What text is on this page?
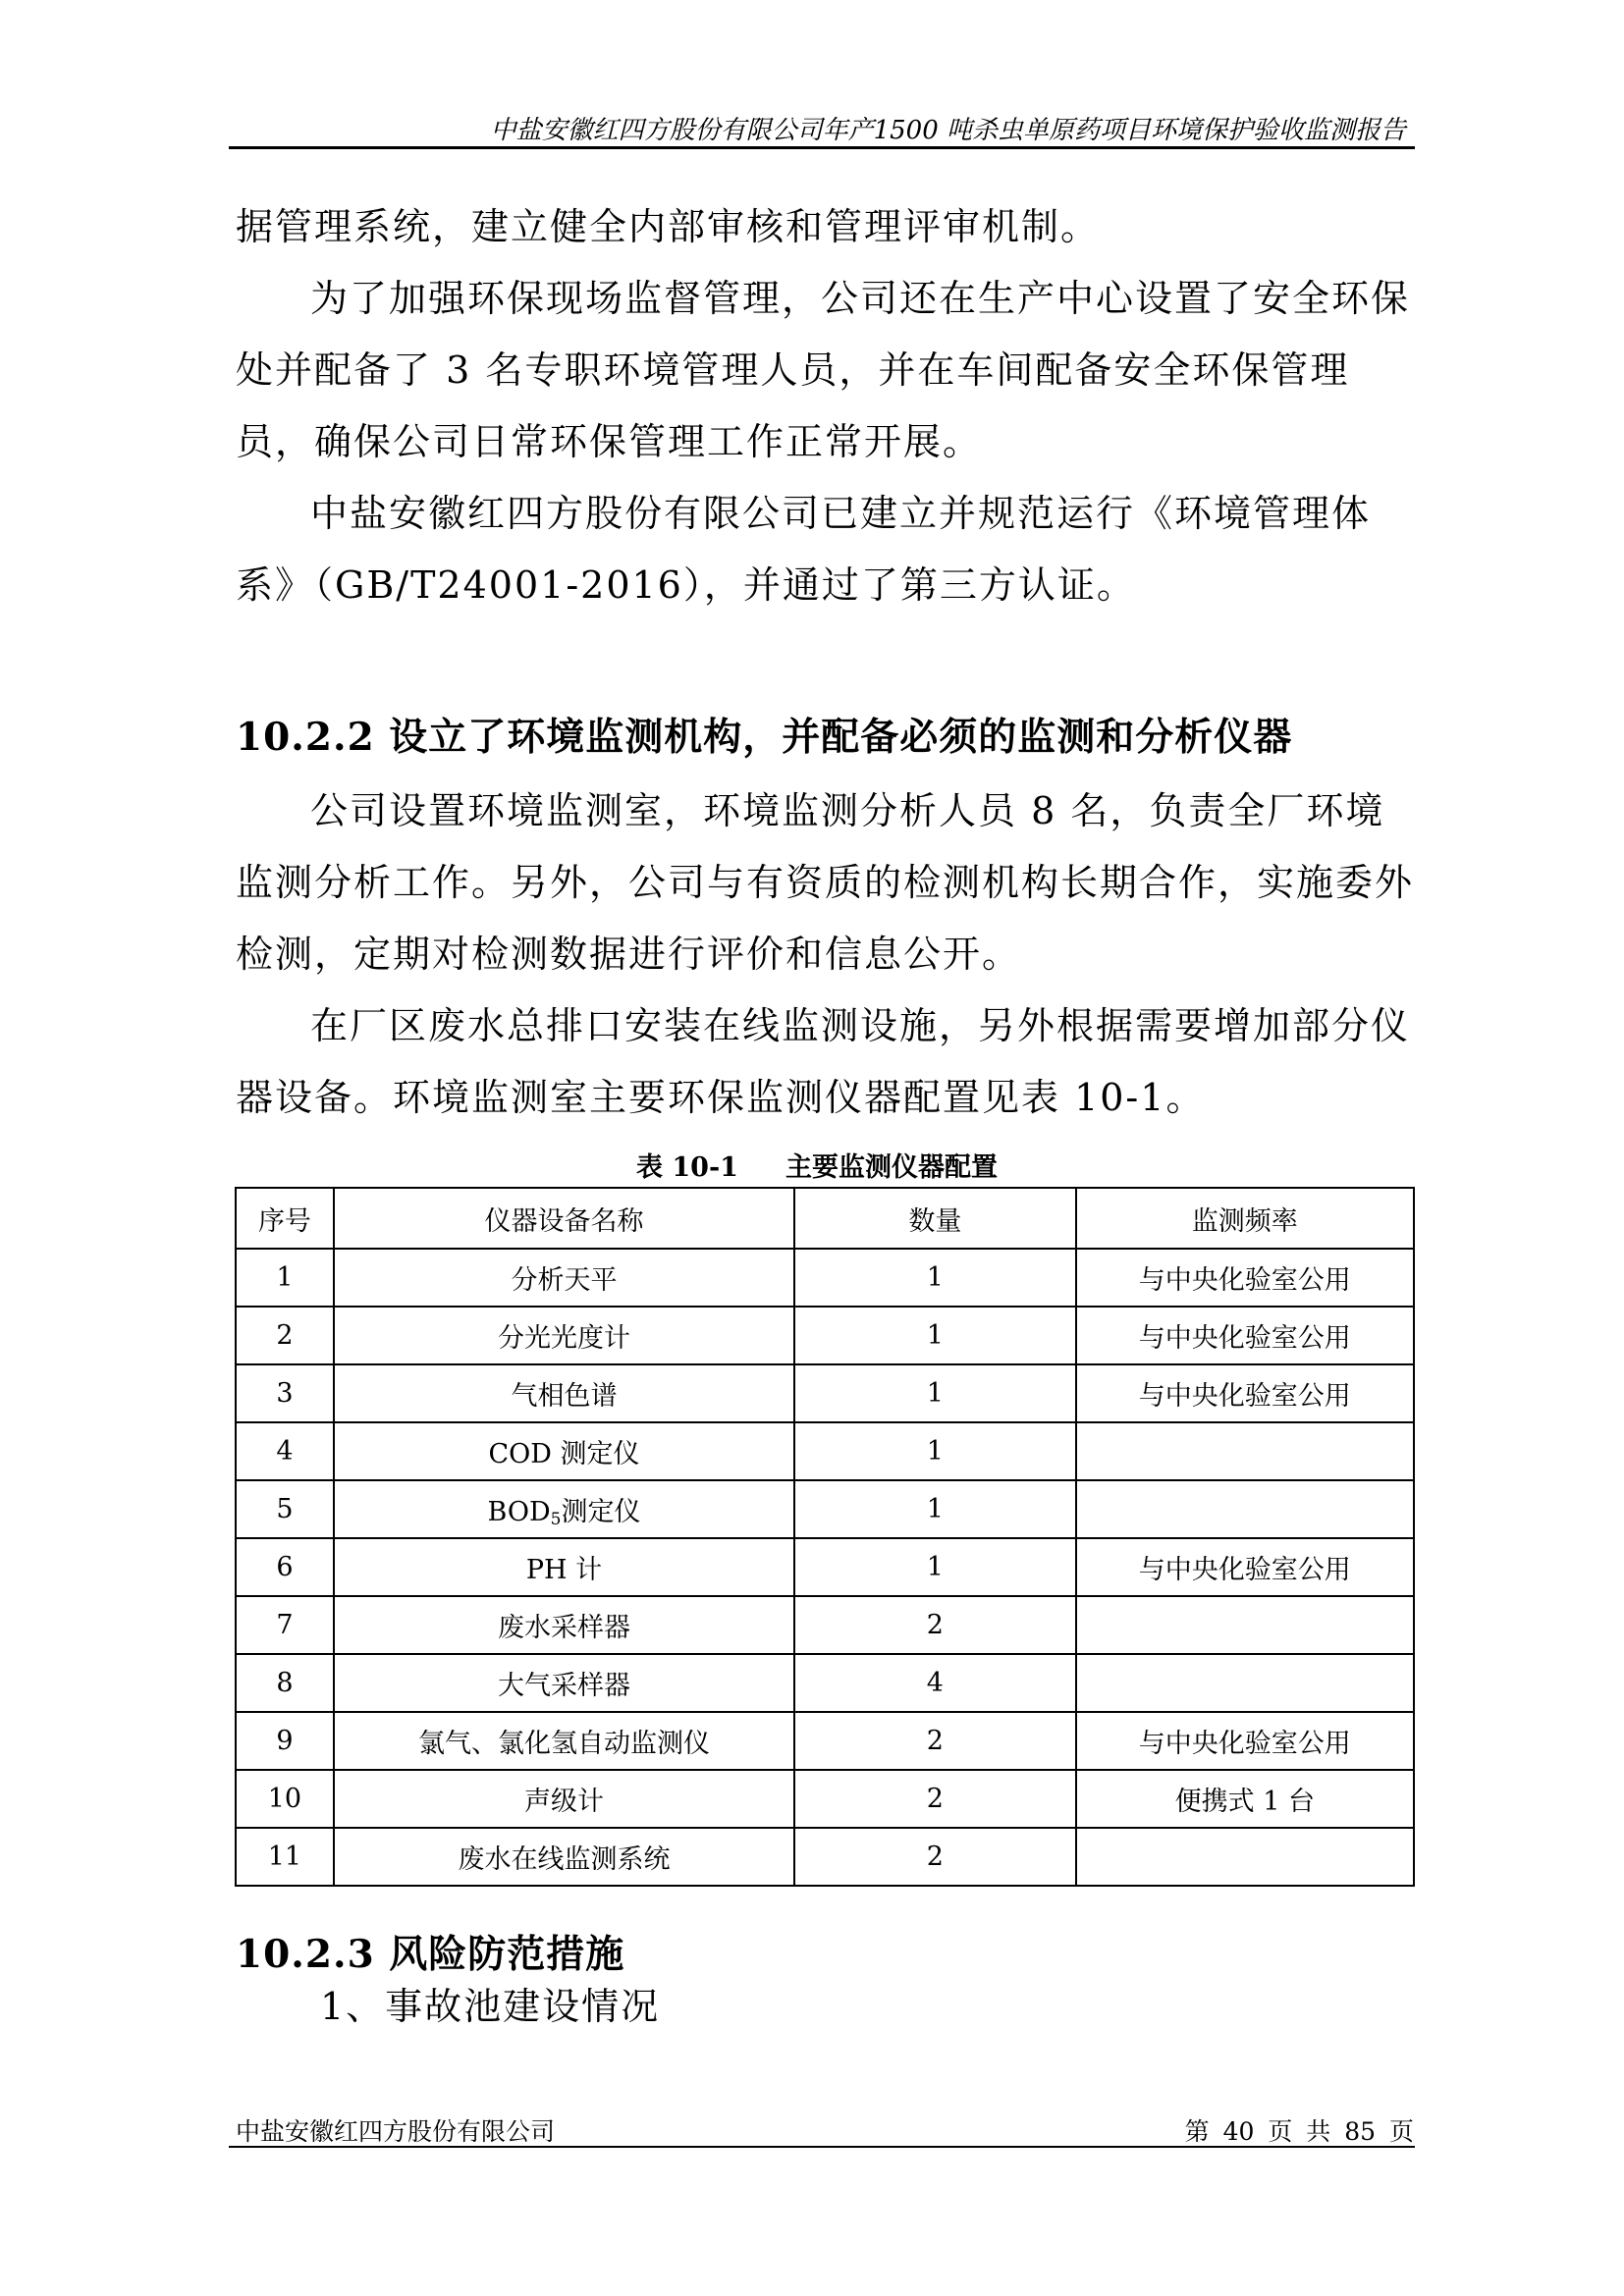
中盐安徽红四方股份有限公司年产1500 吨杀虫单原药项目环境保护验收监测报告

据管理系统，建立健全内部审核和管理评审机制。

为了加强环保现场监督管理，公司还在生产中心设置了安全环保处并配备了 3 名专职环境管理人员，并在车间配备安全环保管理员，确保公司日常环保管理工作正常开展。

中盐安徽红四方股份有限公司已建立并规范运行《环境管理体系》（GB/T24001-2016），并通过了第三方认证。

10.2.2 设立了环境监测机构，并配备必须的监测和分析仪器

公司设置环境监测室，环境监测分析人员 8 名，负责全厂环境监测分析工作。另外，公司与有资质的检测机构长期合作，实施委外检测，定期对检测数据进行评价和信息公开。

在厂区废水总排口安装在线监测设施，另外根据需要增加部分仪器设备。环境监测室主要环保监测仪器配置见表 10-1。

表 10-1 主要监测仪器配置
序号	仪器设备名称	数量	监测频率
1	分析天平	1	与中央化验室公用
2	分光光度计	1	与中央化验室公用
3	气相色谱	1	与中央化验室公用
4	COD 测定仪	1	
5	$BOD_5$测定仪	1	
6	PH 计	1	与中央化验室公用
7	废水采样器	2	
8	大气采样器	4	
9	氯气、氯化氢自动监测仪	2	与中央化验室公用
10	声级计	2	便携式 1 台
11	废水在线监测系统	2	
10.2.3 风险防范措施
1、事故池建设情况
中盐安徽红四方股份有限公司	第 40 页 共 85 页
